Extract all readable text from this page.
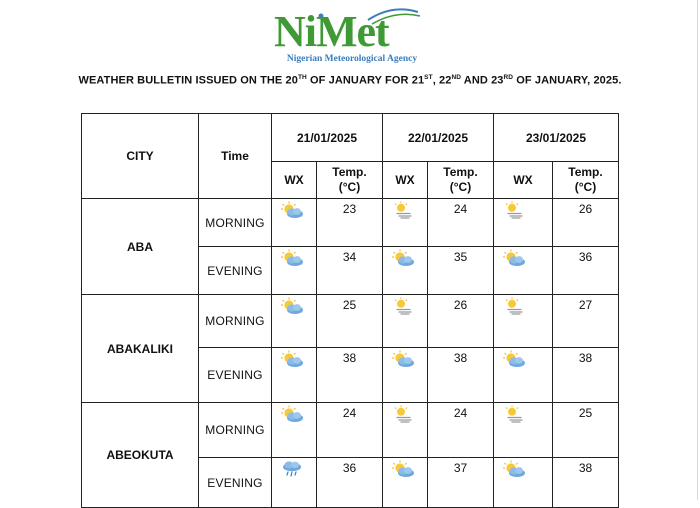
NiMet
Nigerian Meteorological Agency
WEATHER BULLETIN ISSUED ON THE 20TH OF JANUARY FOR 21ST, 22ND AND 23RD OF JANUARY, 2025.
CITY	Time	21/01/2025		22/01/2025		23/01/2025	
		WX	Temp.
(°C)	WX	Temp.
(°C)	WX	Temp.
(°C)
ABA	MORNING		23		24		26
	EVENING		34		35		36
ABAKALIKI	MORNING		25		26		27
	EVENING		38		38		38
ABEOKUTA	MORNING		24		24		25
	EVENING		36		37		38
